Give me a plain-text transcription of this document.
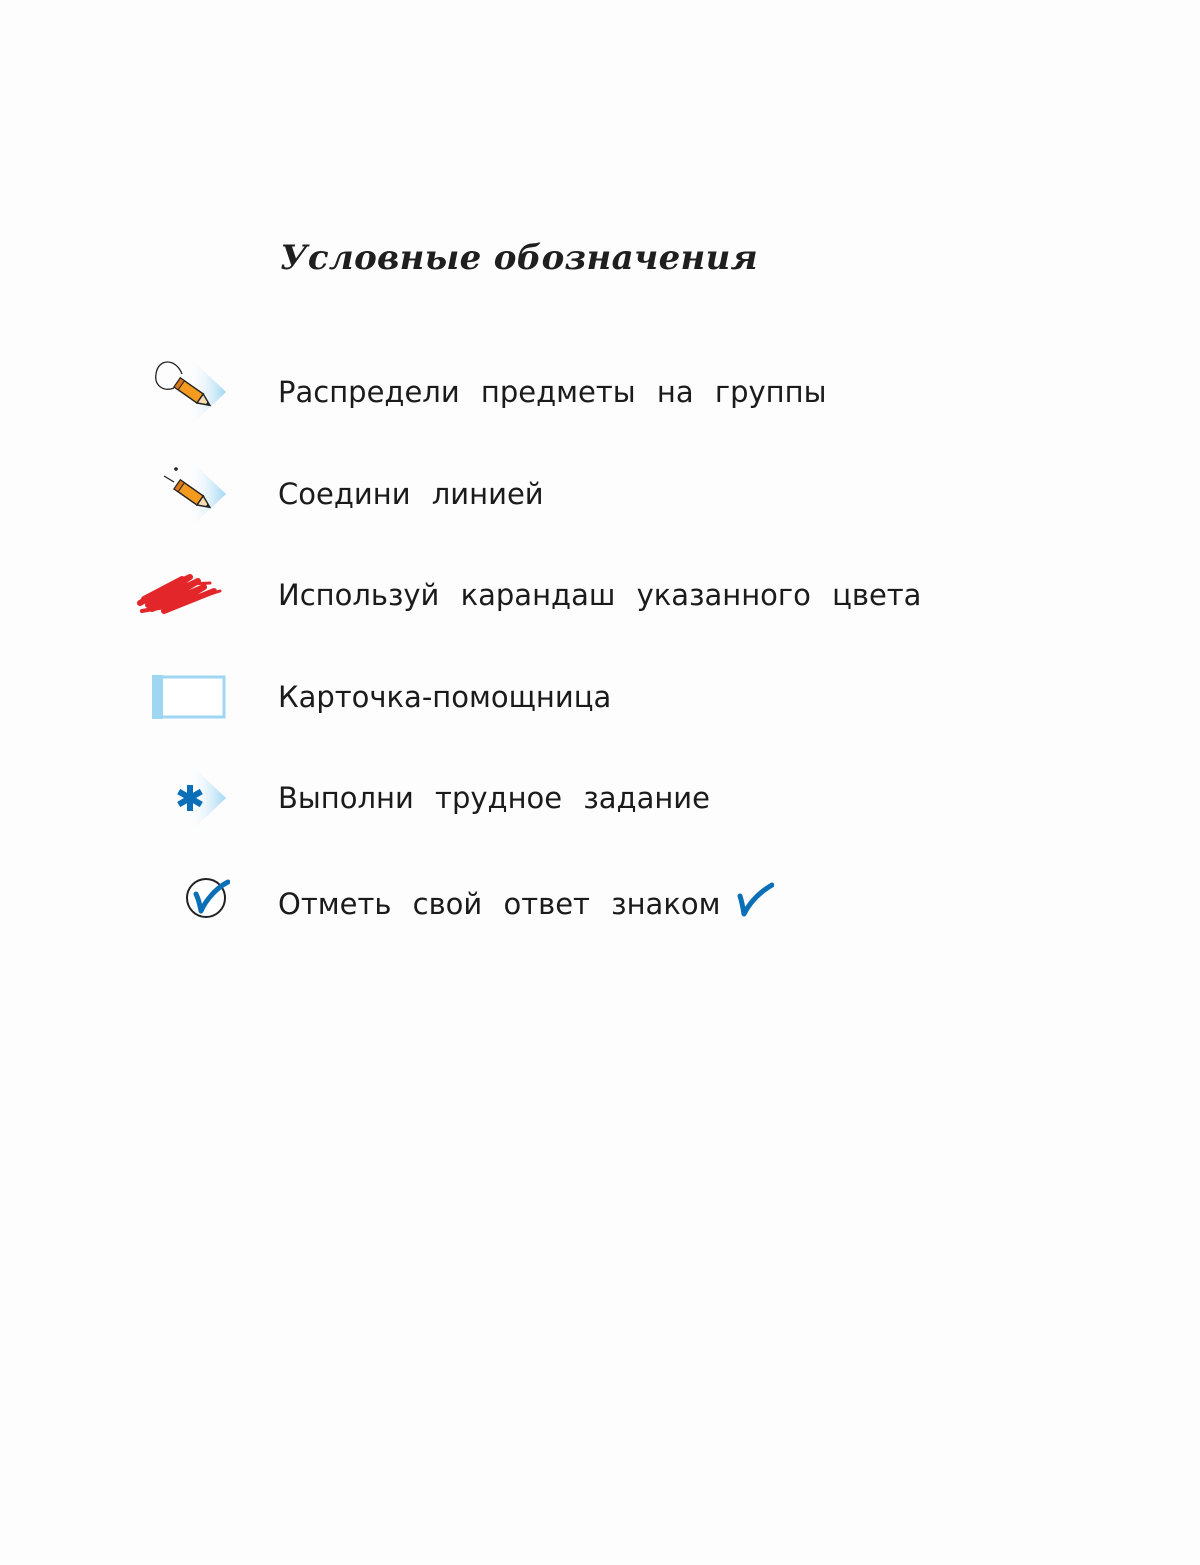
Условные обозначения
Распредели предметы на группы
Соедини линией
Используй карандаш указанного цвета
Карточка-помощница
Выполни трудное задание
Отметь свой ответ знаком
